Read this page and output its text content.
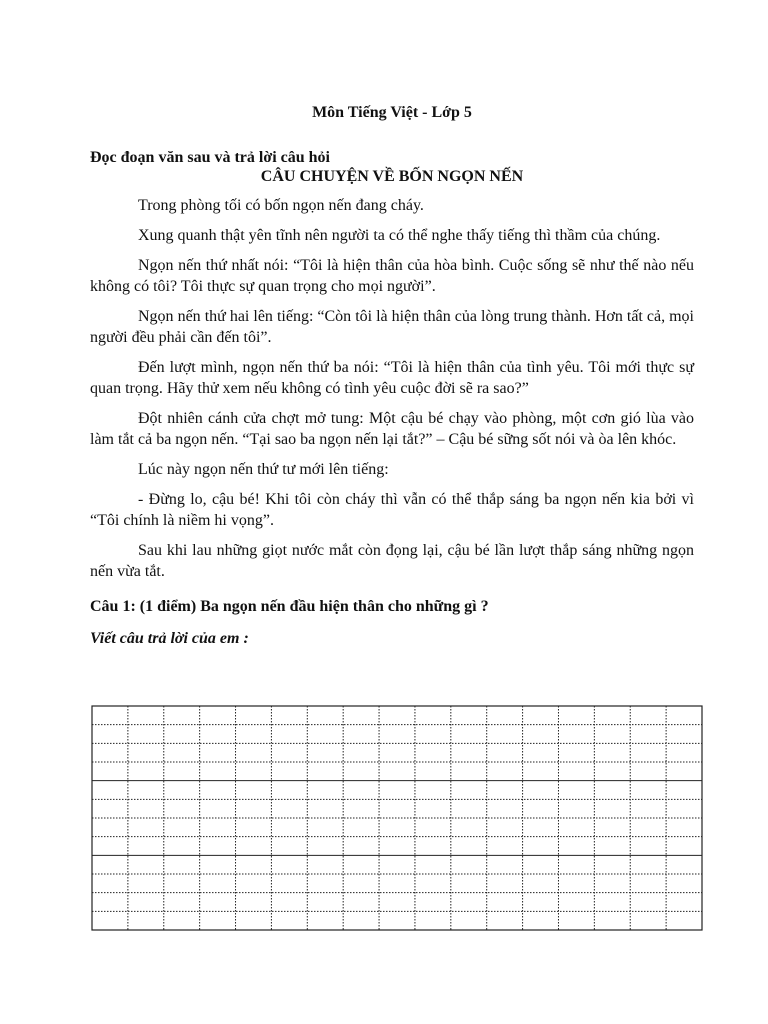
Môn Tiếng Việt - Lớp 5

Đọc đoạn văn sau và trả lời câu hỏi

CÂU CHUYỆN VỀ BỐN NGỌN NẾN

Trong phòng tối có bốn ngọn nến đang cháy.

Xung quanh thật yên tĩnh nên người ta có thể nghe thấy tiếng thì thầm của chúng.

Ngọn nến thứ nhất nói: “Tôi là hiện thân của hòa bình. Cuộc sống sẽ như thế nào nếu không có tôi? Tôi thực sự quan trọng cho mọi người”.

Ngọn nến thứ hai lên tiếng: “Còn tôi là hiện thân của lòng trung thành. Hơn tất cả, mọi người đều phải cần đến tôi”.

Đến lượt mình, ngọn nến thứ ba nói: “Tôi là hiện thân của tình yêu. Tôi mới thực sự quan trọng. Hãy thử xem nếu không có tình yêu cuộc đời sẽ ra sao?”

Đột nhiên cánh cửa chợt mở tung: Một cậu bé chạy vào phòng, một cơn gió lùa vào làm tắt cả ba ngọn nến. “Tại sao ba ngọn nến lại tắt?” – Cậu bé sững sốt nói và òa lên khóc.

Lúc này ngọn nến thứ tư mới lên tiếng:

- Đừng lo, cậu bé! Khi tôi còn cháy thì vẫn có thể thắp sáng ba ngọn nến kia bởi vì “Tôi chính là niềm hi vọng”.

Sau khi lau những giọt nước mắt còn đọng lại, cậu bé lần lượt thắp sáng những ngọn nến vừa tắt.

Câu 1: (1 điểm) Ba ngọn nến đầu hiện thân cho những gì ?

Viết câu trả lời của em :
